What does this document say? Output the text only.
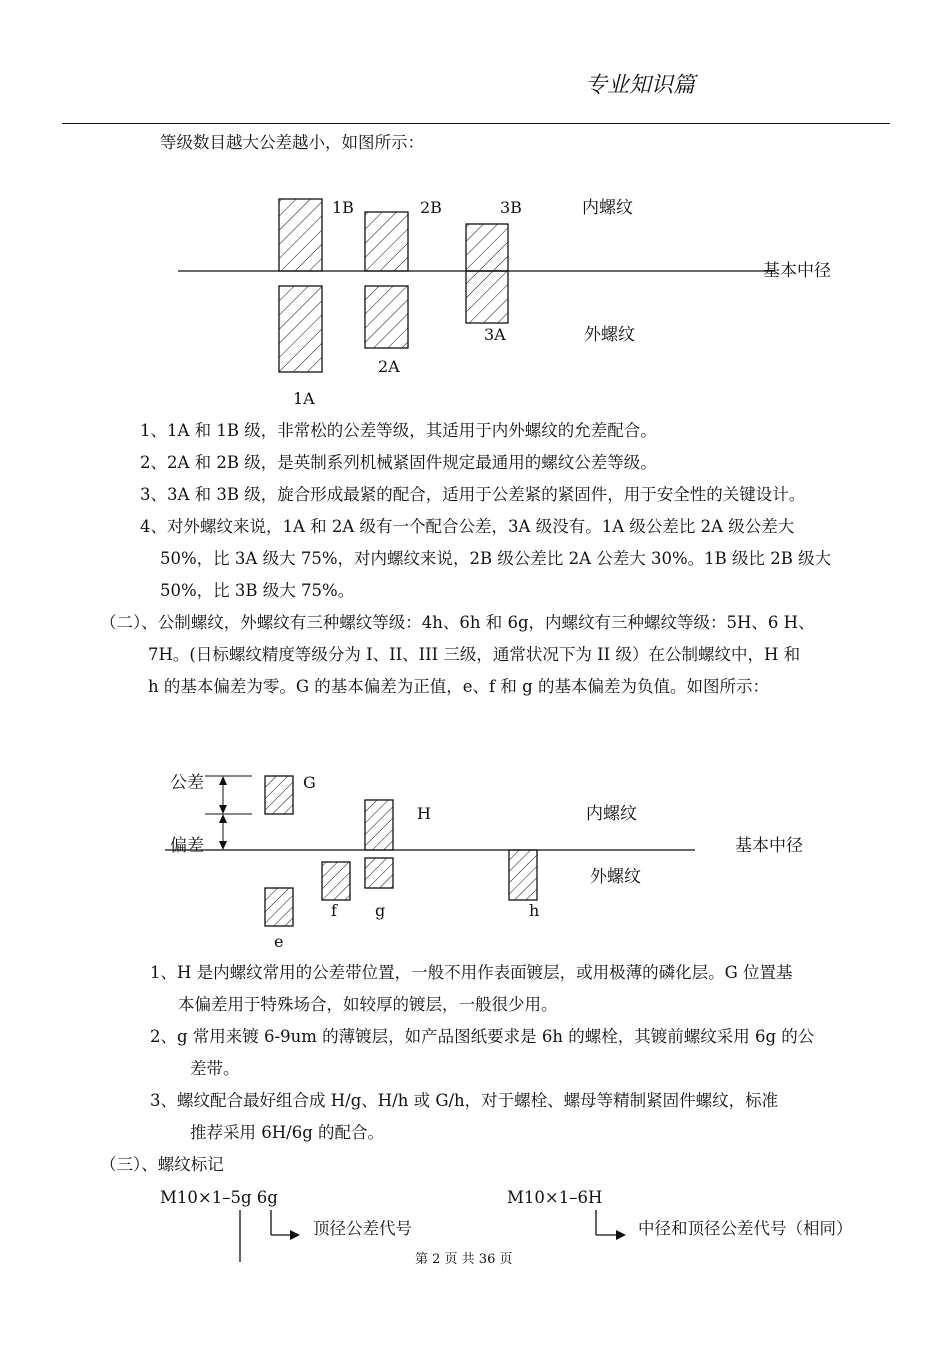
专业知识篇
等级数目越大公差越小，如图所示：
1B	2B	3B	内螺纹
基本中径
3A	外螺纹
2A
1A
1、1A 和 1B 级，非常松的公差等级，其适用于内外螺纹的允差配合。
2、2A 和 2B 级，是英制系列机械紧固件规定最通用的螺纹公差等级。
3、3A 和 3B 级，旋合形成最紧的配合，适用于公差紧的紧固件，用于安全性的关键设计。
4、对外螺纹来说，1A 和 2A 级有一个配合公差，3A 级没有。1A 级公差比 2A 级公差大
50%，比 3A 级大 75%，对内螺纹来说，2B 级公差比 2A 公差大 30%。1B 级比 2B 级大
50%，比 3B 级大 75%。
（二）、公制螺纹，外螺纹有三种螺纹等级：4h、6h 和 6g，内螺纹有三种螺纹等级：5H、6 H、
7H。(日标螺纹精度等级分为 I、II、III 三级，通常状况下为 II 级）在公制螺纹中，H 和
h 的基本偏差为零。G 的基本偏差为正值，e、f 和 g 的基本偏差为负值。如图所示：
公差
偏差
G
H	内螺纹
基本中径
外螺纹
f g	h
e
1、H 是内螺纹常用的公差带位置，一般不用作表面镀层，或用极薄的磷化层。G 位置基
本偏差用于特殊场合，如较厚的镀层，一般很少用。
2、g 常用来镀 6-9um 的薄镀层，如产品图纸要求是 6h 的螺栓，其镀前螺纹采用 6g 的公
差带。
3、螺纹配合最好组合成 H/g、H/h 或 G/h，对于螺栓、螺母等精制紧固件螺纹，标准
推荐采用 6H/6g 的配合。
（三）、螺纹标记
M10×1–5g 6g	M10×1–6H
顶径公差代号	中径和顶径公差代号（相同）
第 2 页 共 36 页
